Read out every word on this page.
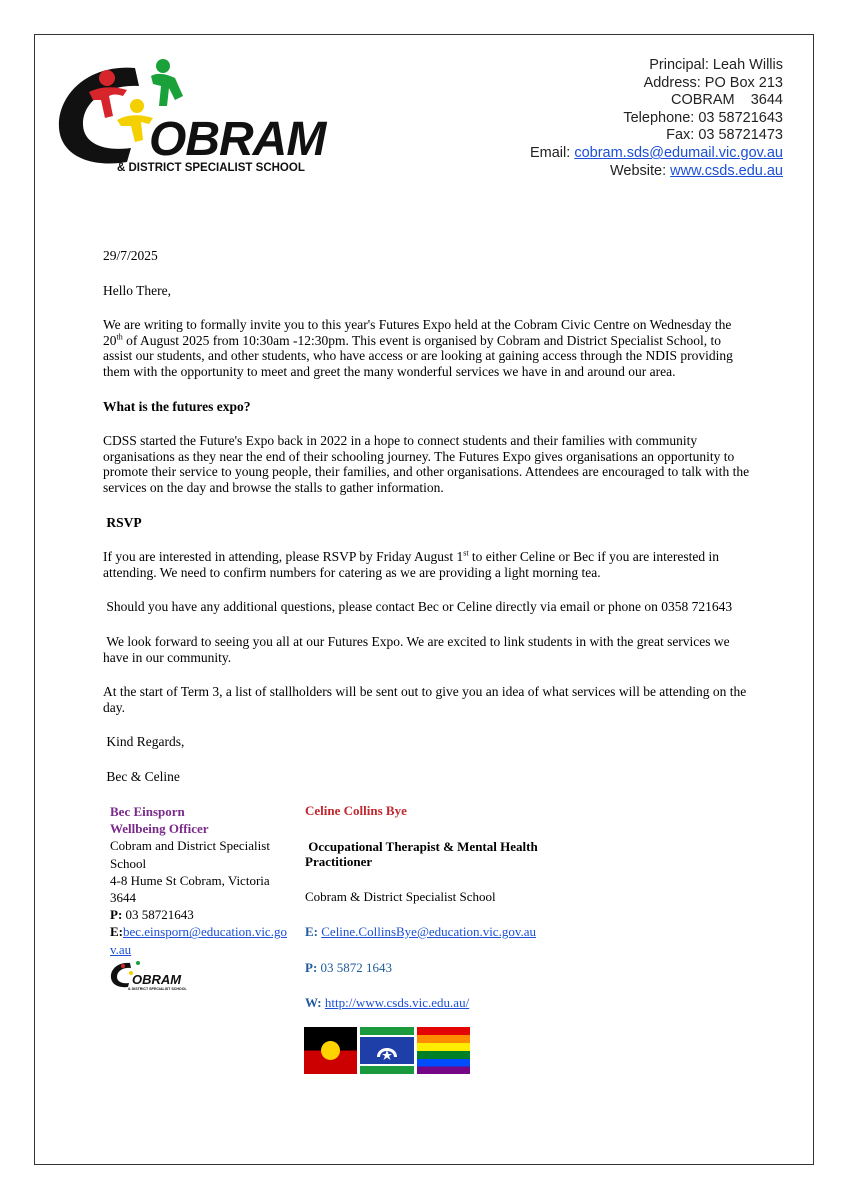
OBRAM
& DISTRICT SPECIALIST SCHOOL
Principal: Leah Willis
Address: PO Box 213
COBRAM    3644
Telephone: 03 58721643
Fax: 03 58721473
Email: cobram.sds@edumail.vic.gov.au
Website: www.csds.edu.au

29/7/2025

Hello There,

We are writing to formally invite you to this year's Futures Expo held at the Cobram Civic Centre on Wednesday the 20th of August 2025 from 10:30am -12:30pm. This event is organised by Cobram and District Specialist School, to assist our students, and other students, who have access or are looking at gaining access through the NDIS providing them with the opportunity to meet and greet the many wonderful services we have in and around our area.

What is the futures expo?

CDSS started the Future's Expo back in 2022 in a hope to connect students and their families with community organisations as they near the end of their schooling journey. The Futures Expo gives organisations an opportunity to promote their service to young people, their families, and other organisations. Attendees are encouraged to talk with the services on the day and browse the stalls to gather information.

RSVP

If you are interested in attending, please RSVP by Friday August 1st to either Celine or Bec if you are interested in attending. We need to confirm numbers for catering as we are providing a light morning tea.

Should you have any additional questions, please contact Bec or Celine directly via email or phone on 0358 721643

We look forward to seeing you all at our Futures Expo. We are excited to link students in with the great services we have in our community.

At the start of Term 3, a list of stallholders will be sent out to give you an idea of what services will be attending on the day.

Kind Regards,

Bec & Celine

Bec Einsporn
Wellbeing Officer
Cobram and District Specialist School
4-8 Hume St Cobram, Victoria 3644
P: 03 58721643
E:bec.einsporn@education.vic.gov.au
OBRAM
& DISTRICT SPECIALIST SCHOOL
Celine Collins Bye
Occupational Therapist & Mental Health Practitioner
Cobram & District Specialist School
E: Celine.CollinsBye@education.vic.gov.au
P: 03 5872 1643
W: http://www.csds.vic.edu.au/
